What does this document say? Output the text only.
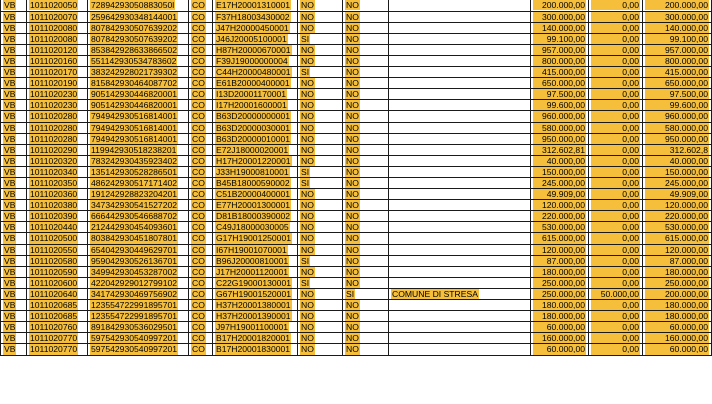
VB	1011020050	72894293050883050l	CO	E17H20001310001	NO	NO		200.000,00	0,00	200.000,00

VB	1011020070	259642930348144001	CO	F37H18003430002	NO	NO		300.000,00	0,00	300.000,00

VB	1011020080	807842930507639202	CO	J47H20000450001	NO	NO		140.000,00	0,00	140.000,00

VB	1011020080	807842930507639202	CO	J46J20005100001	SI	NO		99.100,00	0,00	99.100,00

VB	1011020120	853842928633866502	CO	H87H20000670001	NO	NO		957.000,00	0,00	957.000,00

VB	1011020160	551142930534783602	CO	F39J19000000004	NO	NO		800.000,00	0,00	800.000,00

VB	1011020170	383242928021739302	CO	C44H20000480001	SI	NO		415.000,00	0,00	415.000,00

VB	1011020190	815842930464087702	CO	E61B20000400001	NO	NO		650.000,00	0,00	650.000,00

VB	1011020230	905142930446820001	CO	I13D20001170001	NO	NO		97.500,00	0,00	97.500,00

VB	1011020230	905142930446820001	CO	I17H20001600001	NO	NO		99.600,00	0,00	99.600,00

VB	1011020280	794942930516814001	CO	B63D20000000001	NO	NO		960.000,00	0,00	960.000,00

VB	1011020280	794942930516814001	CO	B63D20000030001	NO	NO		580.000,00	0,00	580.000,00

VB	1011020280	794942930516814001	CO	B63D20000010001	NO	NO		950.000,00	0,00	950.000,00

VB	1011020290	119942930518238201	CO	E72J18000020001	NO	NO		312.602,81	0,00	312.602,8

VB	1011020320	783242930435923402	CO	H17H20001220001	NO	NO		40.000,00	0,00	40.000,00

VB	1011020340	135142930528286501	CO	J33H19000810001	SI	NO		150.000,00	0,00	150.000,00

VB	1011020350	486242930517171402	CO	B45B18000590002	SI	NO		245.000,00	0,00	245.000,00

VB	1011020360	191242928823204201	CO	C51B20000400001	NO	NO		49.909,00	0,00	49.909,00

VB	1011020380	347342930541527202	CO	E77H20001300001	NO	NO		120.000,00	0,00	120.000,00

VB	1011020390	666442930546688702	CO	D81B18000390002	NO	NO		220.000,00	0,00	220.000,00

VB	1011020440	212442930454093601	CO	C49J18000030005	NO	NO		530.000,00	0,00	530.000,00

VB	1011020500	803842930451807801	CO	G17H19001250001	NO	NO		615.000,00	0,00	615.000,00

VB	1011020550	654042930449629701	CO	I67H19001070001	NO	NO		120.000,00	0,00	120.000,00

VB	1011020580	959042930526136701	CO	B96J20000810001	SI	NO		87.000,00	0,00	87.000,00

VB	1011020590	349942930453287002	CO	J17H20001120001	NO	NO		180.000,00	0,00	180.000,00

VB	1011020600	422042929012799102	CO	C22G19000130001	SI	NO		250.000,00	0,00	250.000,00

VB	1011020640	341742930469756902	CO	G67H19001520001	NO	SI	COMUNE DI STRESA	250.000,00	50.000,00	200.000,00

VB	1011020685	123554722991895701	CO	H37H20001380001	NO	NO		180.000,00	0,00	180.000,00

VB	1011020685	123554722991895701	CO	H37H20001390001	NO	NO		180.000,00	0,00	180.000,00

VB	1011020760	891842930536029501	CO	J97H19001100001	NO	NO		60.000,00	0,00	60.000,00

VB	1011020770	597542930540997201	CO	B17H20001820001	NO	NO		160.000,00	0,00	160.000,00

VB	1011020770	597542930540997201	CO	B17H20001830001	NO	NO		60.000,00	0,00	60.000,00
